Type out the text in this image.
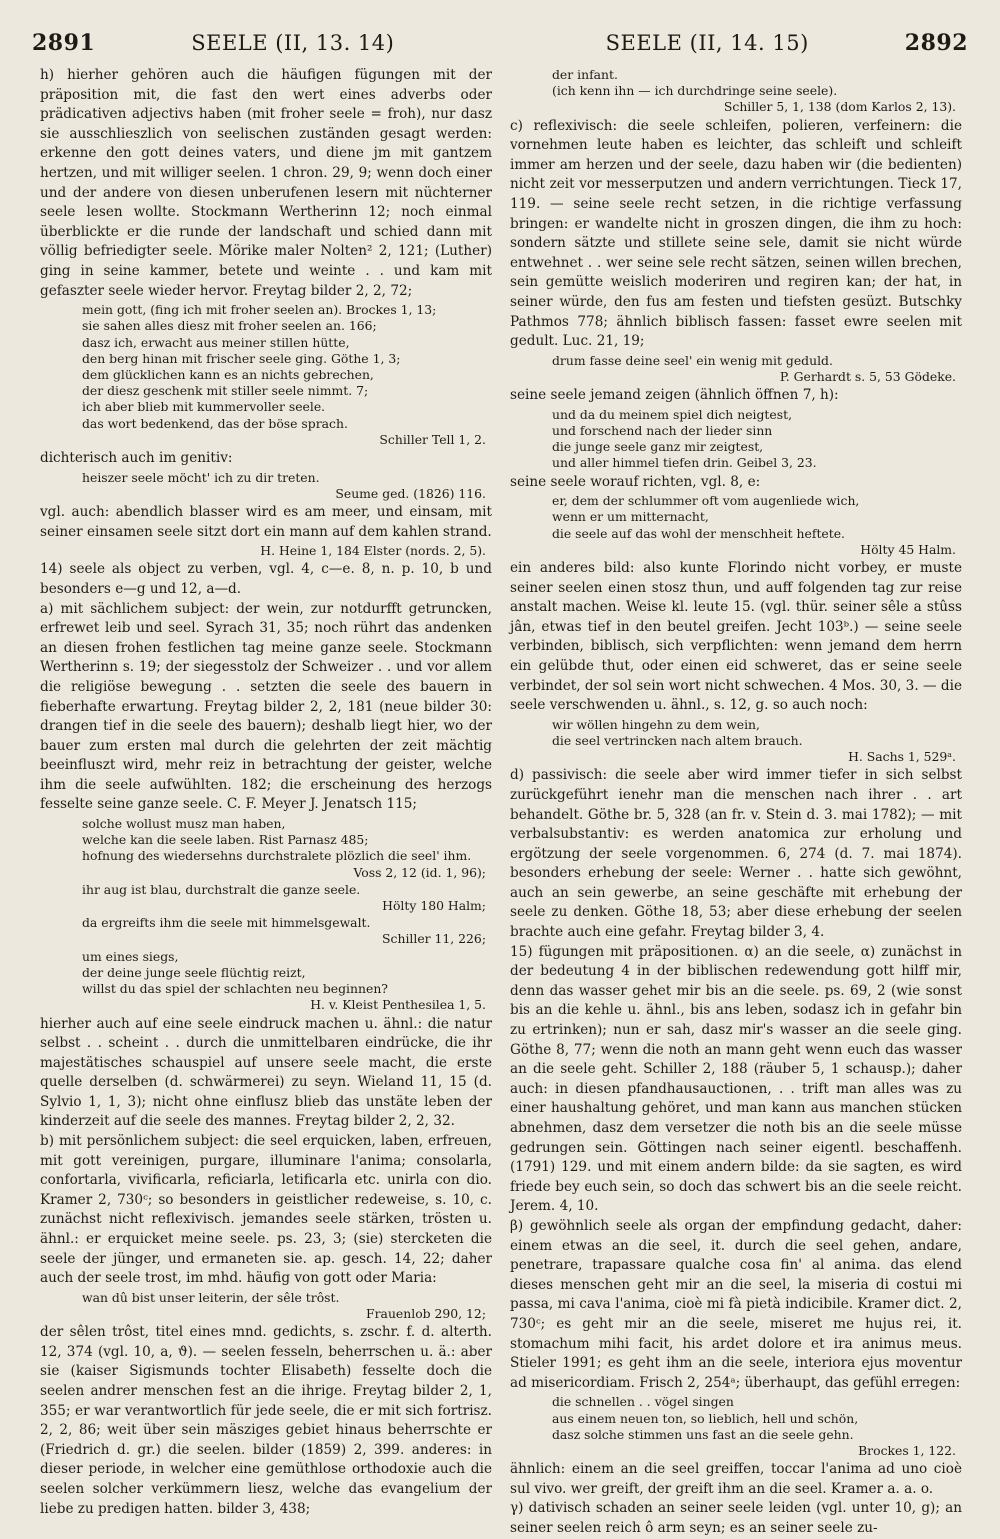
2891	SEELE (II, 13. 14)	SEELE (II, 14. 15)	2892

h) hierher gehören auch die häufigen fügungen mit der präposition mit, die fast den wert eines adverbs oder prädicativen adjectivs haben (mit froher seele = froh), nur dasz sie ausschlieszlich von seelischen zuständen gesagt werden: erkenne den gott deines vaters, und diene jm mit gantzem hertzen, und mit williger seelen. 1 chron. 29, 9; wenn doch einer und der andere von diesen unberufenen lesern mit nüchterner seele lesen wollte. Stockmann Wertherinn 12; noch einmal überblickte er die runde der landschaft und schied dann mit völlig befriedigter seele. Mörike maler Nolten² 2, 121; (Luther) ging in seine kammer, betete und weinte . . und kam mit gefaszter seele wieder hervor. Freytag bilder 2, 2, 72;

mein gott, (fing ich mit froher seelen an). Brockes 1, 13;
sie sahen alles diesz mit froher seelen an. 166;
dasz ich, erwacht aus meiner stillen hütte,
den berg hinan mit frischer seele ging. Göthe 1, 3;
dem glücklichen kann es an nichts gebrechen,
der diesz geschenk mit stiller seele nimmt. 7;
ich aber blieb mit kummervoller seele.
das wort bedenkend, das der böse sprach.
Schiller Tell 1, 2.

dichterisch auch im genitiv:

heiszer seele möcht' ich zu dir treten.
Seume ged. (1826) 116.

vgl. auch: abendlich blasser wird es am meer, und einsam, mit seiner einsamen seele sitzt dort ein mann auf dem kahlen strand.

H. Heine 1, 184 Elster (nords. 2, 5).

14) seele als object zu verben, vgl. 4, c—e. 8, n. p. 10, b und besonders e—g und 12, a—d.

a) mit sächlichem subject: der wein, zur notdurfft getruncken, erfrewet leib und seel. Syrach 31, 35; noch rührt das andenken an diesen frohen festlichen tag meine ganze seele. Stockmann Wertherinn s. 19; der siegesstolz der Schweizer . . und vor allem die religiöse bewegung . . setzten die seele des bauern in fieberhafte erwartung. Freytag bilder 2, 2, 181 (neue bilder 30: drangen tief in die seele des bauern); deshalb liegt hier, wo der bauer zum ersten mal durch die gelehrten der zeit mächtig beeinfluszt wird, mehr reiz in betrachtung der geister, welche ihm die seele aufwühlten. 182; die erscheinung des herzogs fesselte seine ganze seele. C. F. Meyer J. Jenatsch 115;

solche wollust musz man haben,
welche kan die seele laben. Rist Parnasz 485;
hofnung des wiedersehns durchstralete plözlich die seel' ihm.
Voss 2, 12 (id. 1, 96);
ihr aug ist blau, durchstralt die ganze seele.
Hölty 180 Halm;
da ergreifts ihm die seele mit himmelsgewalt.
Schiller 11, 226;
um eines siegs,
der deine junge seele flüchtig reizt,
willst du das spiel der schlachten neu beginnen?
H. v. Kleist Penthesilea 1, 5.

hierher auch auf eine seele eindruck machen u. ähnl.: die natur selbst . . scheint . . durch die unmittelbaren eindrücke, die ihr majestätisches schauspiel auf unsere seele macht, die erste quelle derselben (d. schwärmerei) zu seyn. Wieland 11, 15 (d. Sylvio 1, 1, 3); nicht ohne einflusz blieb das unstäte leben der kinderzeit auf die seele des mannes. Freytag bilder 2, 2, 32.

b) mit persönlichem subject: die seel erquicken, laben, erfreuen, mit gott vereinigen, purgare, illuminare l'anima; consolarla, confortarla, vivificarla, reficiarla, letificarla etc. unirla con dio. Kramer 2, 730ᶜ; so besonders in geistlicher redeweise, s. 10, c. zunächst nicht reflexivisch. jemandes seele stärken, trösten u. ähnl.: er erquicket meine seele. ps. 23, 3; (sie) stercketen die seele der jünger, und ermaneten sie. ap. gesch. 14, 22; daher auch der seele trost, im mhd. häufig von gott oder Maria:

wan dû bist unser leiterin, der sêle trôst.
Frauenlob 290, 12;

der sêlen trôst, titel eines mnd. gedichts, s. zschr. f. d. alterth. 12, 374 (vgl. 10, a, ϑ). — seelen fesseln, beherrschen u. ä.: aber sie (kaiser Sigismunds tochter Elisabeth) fesselte doch die seelen andrer menschen fest an die ihrige. Freytag bilder 2, 1, 355; er war verantwortlich für jede seele, die er mit sich fortrisz. 2, 2, 86; weit über sein mäsziges gebiet hinaus beherrschte er (Friedrich d. gr.) die seelen. bilder (1859) 2, 399. anderes: in dieser periode, in welcher eine gemüthlose orthodoxie auch die seelen solcher verkümmern liesz, welche das evangelium der liebe zu predigen hatten. bilder 3, 438;

der infant.
(ich kenn ihn — ich durchdringe seine seele).
Schiller 5, 1, 138 (dom Karlos 2, 13).

c) reflexivisch: die seele schleifen, polieren, verfeinern: die vornehmen leute haben es leichter, das schleift und schleift immer am herzen und der seele, dazu haben wir (die bedienten) nicht zeit vor messerputzen und andern verrichtungen. Tieck 17, 119. — seine seele recht setzen, in die richtige verfassung bringen: er wandelte nicht in groszen dingen, die ihm zu hoch: sondern sätzte und stillete seine sele, damit sie nicht würde entwehnet . . wer seine sele recht sätzen, seinen willen brechen, sein gemütte weislich moderiren und regiren kan; der hat, in seiner würde, den fus am festen und tiefsten gesüzt. Butschky Pathmos 778; ähnlich biblisch fassen: fasset ewre seelen mit gedult. Luc. 21, 19;

drum fasse deine seel' ein wenig mit geduld.
P. Gerhardt s. 5, 53 Gödeke.

seine seele jemand zeigen (ähnlich öffnen 7, h):

und da du meinem spiel dich neigtest,
und forschend nach der lieder sinn
die junge seele ganz mir zeigtest,
und aller himmel tiefen drin. Geibel 3, 23.

seine seele worauf richten, vgl. 8, e:

er, dem der schlummer oft vom augenliede wich,
wenn er um mitternacht,
die seele auf das wohl der menschheit heftete.
Hölty 45 Halm.

ein anderes bild: also kunte Florindo nicht vorbey, er muste seiner seelen einen stosz thun, und auff folgenden tag zur reise anstalt machen. Weise kl. leute 15. (vgl. thür. seiner sêle a stûss jân, etwas tief in den beutel greifen. Jecht 103ᵇ.) — seine seele verbinden, biblisch, sich verpflichten: wenn jemand dem herrn ein gelübde thut, oder einen eid schweret, das er seine seele verbindet, der sol sein wort nicht schwechen. 4 Mos. 30, 3. — die seele verschwenden u. ähnl., s. 12, g. so auch noch:

wir wöllen hingehn zu dem wein,
die seel vertrincken nach altem brauch.
H. Sachs 1, 529ᵃ.

d) passivisch: die seele aber wird immer tiefer in sich selbst zurückgeführt ienehr man die menschen nach ihrer . . art behandelt. Göthe br. 5, 328 (an fr. v. Stein d. 3. mai 1782); — mit verbalsubstantiv: es werden anatomica zur erholung und ergötzung der seele vorgenommen. 6, 274 (d. 7. mai 1874). besonders erhebung der seele: Werner . . hatte sich gewöhnt, auch an sein gewerbe, an seine geschäfte mit erhebung der seele zu denken. Göthe 18, 53; aber diese erhebung der seelen brachte auch eine gefahr. Freytag bilder 3, 4.

15) fügungen mit präpositionen. α) an die seele, α) zunächst in der bedeutung 4 in der biblischen redewendung gott hilff mir, denn das wasser gehet mir bis an die seele. ps. 69, 2 (wie sonst bis an die kehle u. ähnl., bis ans leben, sodasz ich in gefahr bin zu ertrinken); nun er sah, dasz mir's wasser an die seele ging. Göthe 8, 77; wenn die noth an mann geht wenn euch das wasser an die seele geht. Schiller 2, 188 (räuber 5, 1 schausp.); daher auch: in diesen pfandhausauctionen, . . trift man alles was zu einer haushaltung gehöret, und man kann aus manchen stücken abnehmen, dasz dem versetzer die noth bis an die seele müsse gedrungen sein. Göttingen nach seiner eigentl. beschaffenh. (1791) 129. und mit einem andern bilde: da sie sagten, es wird friede bey euch sein, so doch das schwert bis an die seele reicht. Jerem. 4, 10.

β) gewöhnlich seele als organ der empfindung gedacht, daher: einem etwas an die seel, it. durch die seel gehen, andare, penetrare, trapassare qualche cosa fin' al anima. das elend dieses menschen geht mir an die seel, la miseria di costui mi passa, mi cava l'anima, cioè mi fà pietà indicibile. Kramer dict. 2, 730ᶜ; es geht mir an die seele, miseret me hujus rei, it. stomachum mihi facit, his ardet dolore et ira animus meus. Stieler 1991; es geht ihm an die seele, interiora ejus moventur ad misericordiam. Frisch 2, 254ᵃ; überhaupt, das gefühl erregen:

die schnellen . . vögel singen
aus einem neuen ton, so lieblich, hell und schön,
dasz solche stimmen uns fast an die seele gehn.
Brockes 1, 122.

ähnlich: einem an die seel greiffen, toccar l'anima ad uno cioè sul vivo. wer greift, der greift ihm an die seel. Kramer a. a. o.

γ) dativisch schaden an seiner seele leiden (vgl. unter 10, g); an seiner seelen reich ô arm seyn; es an seiner seele zu-
